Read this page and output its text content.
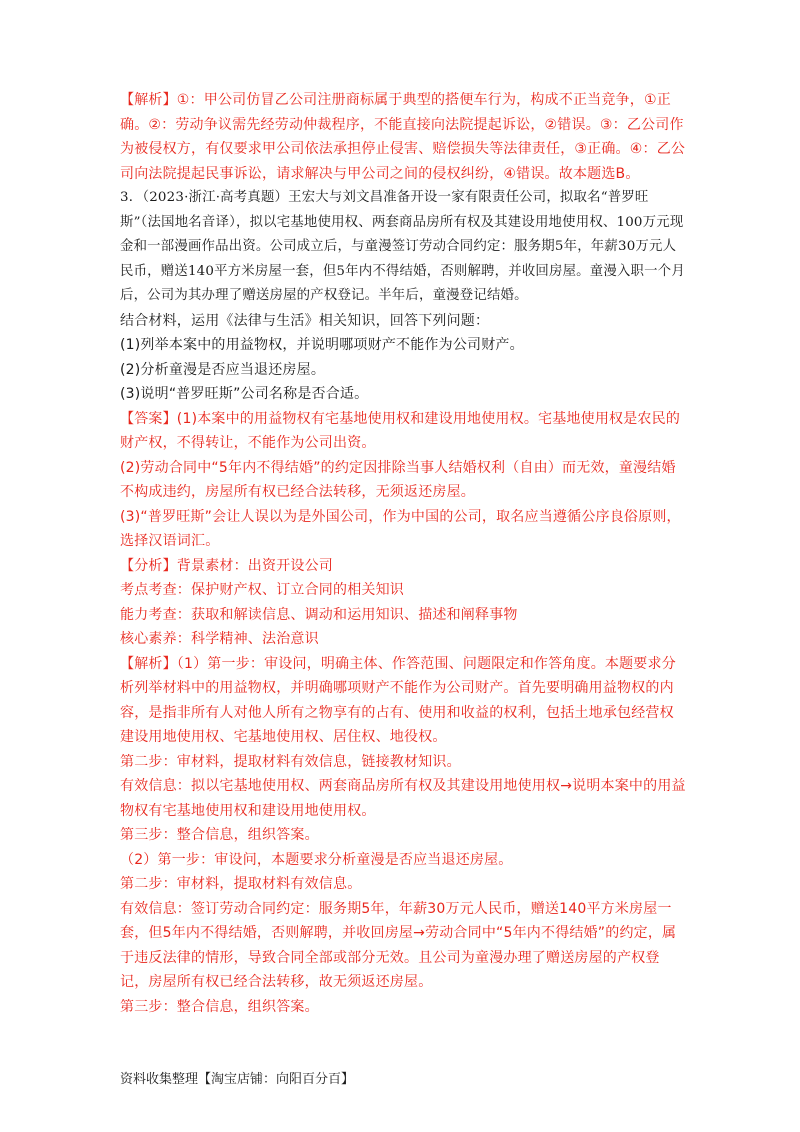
【解析】①：甲公司仿冒乙公司注册商标属于典型的搭便车行为，构成不正当竞争，①正确。②：劳动争议需先经劳动仲裁程序，不能直接向法院提起诉讼，②错误。③：乙公司作为被侵权方，有仅要求甲公司依法承担停止侵害、赔偿损失等法律责任，③正确。④：乙公司向法院提起民事诉讼，请求解决与甲公司之间的侵权纠纷，④错误。故本题选B。

3．（2023·浙江·高考真题）王宏大与刘文昌准备开设一家有限责任公司，拟取名“普罗旺斯”（法国地名音译），拟以宅基地使用权、两套商品房所有权及其建设用地使用权、100万元现金和一部漫画作品出资。公司成立后，与童漫签订劳动合同约定：服务期5年，年薪30万元人民币，赠送140平方米房屋一套，但5年内不得结婚，否则解聘，并收回房屋。童漫入职一个月后，公司为其办理了赠送房屋的产权登记。半年后，童漫登记结婚。

结合材料，运用《法律与生活》相关知识，回答下列问题：

(1)列举本案中的用益物权，并说明哪项财产不能作为公司财产。

(2)分析童漫是否应当退还房屋。

(3)说明“普罗旺斯”公司名称是否合适。

【答案】(1)本案中的用益物权有宅基地使用权和建设用地使用权。宅基地使用权是农民的财产权，不得转让，不能作为公司出资。

(2)劳动合同中“5年内不得结婚”的约定因排除当事人结婚权利（自由）而无效，童漫结婚不构成违约，房屋所有权已经合法转移，无须返还房屋。

(3)“普罗旺斯”会让人误以为是外国公司，作为中国的公司，取名应当遵循公序良俗原则，选择汉语词汇。

【分析】背景素材：出资开设公司

考点考查：保护财产权、订立合同的相关知识

能力考查：获取和解读信息、调动和运用知识、描述和阐释事物

核心素养：科学精神、法治意识

【解析】（1）第一步：审设问，明确主体、作答范围、问题限定和作答角度。本题要求分析列举材料中的用益物权，并明确哪项财产不能作为公司财产。首先要明确用益物权的内容，是指非所有人对他人所有之物享有的占有、使用和收益的权利，包括土地承包经营权建设用地使用权、宅基地使用权、居住权、地役权。

第二步：审材料，提取材料有效信息，链接教材知识。

有效信息：拟以宅基地使用权、两套商品房所有权及其建设用地使用权→说明本案中的用益物权有宅基地使用权和建设用地使用权。

第三步：整合信息，组织答案。

（2）第一步：审设问，本题要求分析童漫是否应当退还房屋。

第二步：审材料，提取材料有效信息。

有效信息：签订劳动合同约定：服务期5年，年薪30万元人民币，赠送140平方米房屋一套，但5年内不得结婚，否则解聘，并收回房屋→劳动合同中“5年内不得结婚”的约定，属于违反法律的情形，导致合同全部或部分无效。且公司为童漫办理了赠送房屋的产权登记，房屋所有权已经合法转移，故无须返还房屋。

第三步：整合信息，组织答案。

资料收集整理【淘宝店铺：向阳百分百】
